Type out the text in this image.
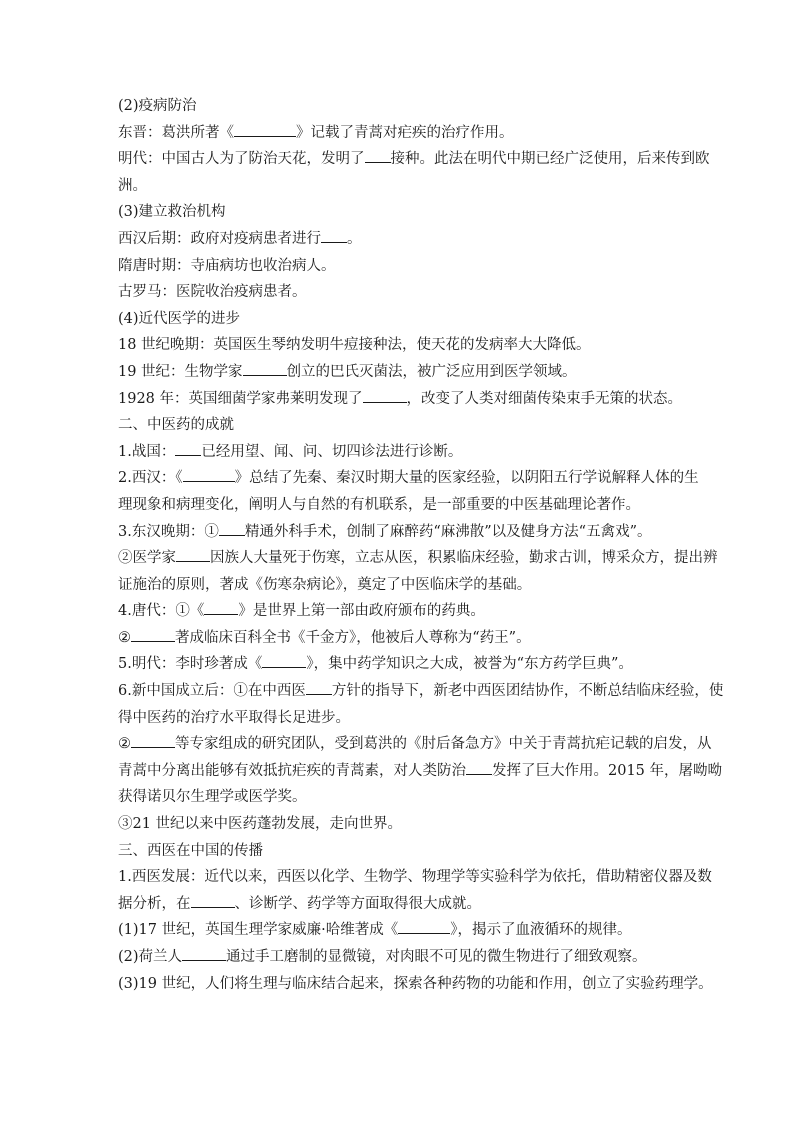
(2)疫病防治
东晋：葛洪所著《	》记载了青蒿对疟疾的治疗作用。
明代：中国古人为了防治天花，发明了 接种。此法在明代中期已经广泛使用，后来传到欧
洲。
(3)建立救治机构
西汉后期：政府对疫病患者进行 。
隋唐时期：寺庙病坊也收治病人。
古罗马：医院收治疫病患者。
(4)近代医学的进步
18 世纪晚期：英国医生琴纳发明牛痘接种法，使天花的发病率大大降低。
19 世纪：生物学家	创立的巴氏灭菌法，被广泛应用到医学领域。
1928 年：英国细菌学家弗莱明发现了	，改变了人类对细菌传染束手无策的状态。
二、中医药的成就
1.战国： 已经用望、闻、问、切四诊法进行诊断。
2.西汉：《	》总结了先秦、秦汉时期大量的医家经验，以阴阳五行学说解释人体的生
理现象和病理变化，阐明人与自然的有机联系，是一部重要的中医基础理论著作。
3.东汉晚期：① 精通外科手术，创制了麻醉药“麻沸散”以及健身方法“五禽戏”。
②医学家 因族人大量死于伤寒，立志从医，积累临床经验，勤求古训，博采众方，提出辨
证施治的原则，著成《伤寒杂病论》，奠定了中医临床学的基础。
4.唐代：①《 》是世界上第一部由政府颁布的药典。
②	著成临床百科全书《千金方》，他被后人尊称为“药王”。
5.明代：李时珍著成《	》，集中药学知识之大成，被誉为“东方药学巨典”。
6.新中国成立后：①在中西医 方针的指导下，新老中西医团结协作，不断总结临床经验，使
得中医药的治疗水平取得长足进步。
②	等专家组成的研究团队，受到葛洪的《肘后备急方》中关于青蒿抗疟记载的启发，从
青蒿中分离出能够有效抵抗疟疾的青蒿素，对人类防治 发挥了巨大作用。2015 年，屠呦呦
获得诺贝尔生理学或医学奖。
③21 世纪以来中医药蓬勃发展，走向世界。
三、西医在中国的传播
1.西医发展：近代以来，西医以化学、生物学、物理学等实验科学为依托，借助精密仪器及数
据分析，在	、诊断学、药学等方面取得很大成就。
(1)17 世纪，英国生理学家威廉·哈维著成《	》，揭示了血液循环的规律。
(2)荷兰人	通过手工磨制的显微镜，对肉眼不可见的微生物进行了细致观察。
(3)19 世纪，人们将生理与临床结合起来，探索各种药物的功能和作用，创立了实验药理学。
